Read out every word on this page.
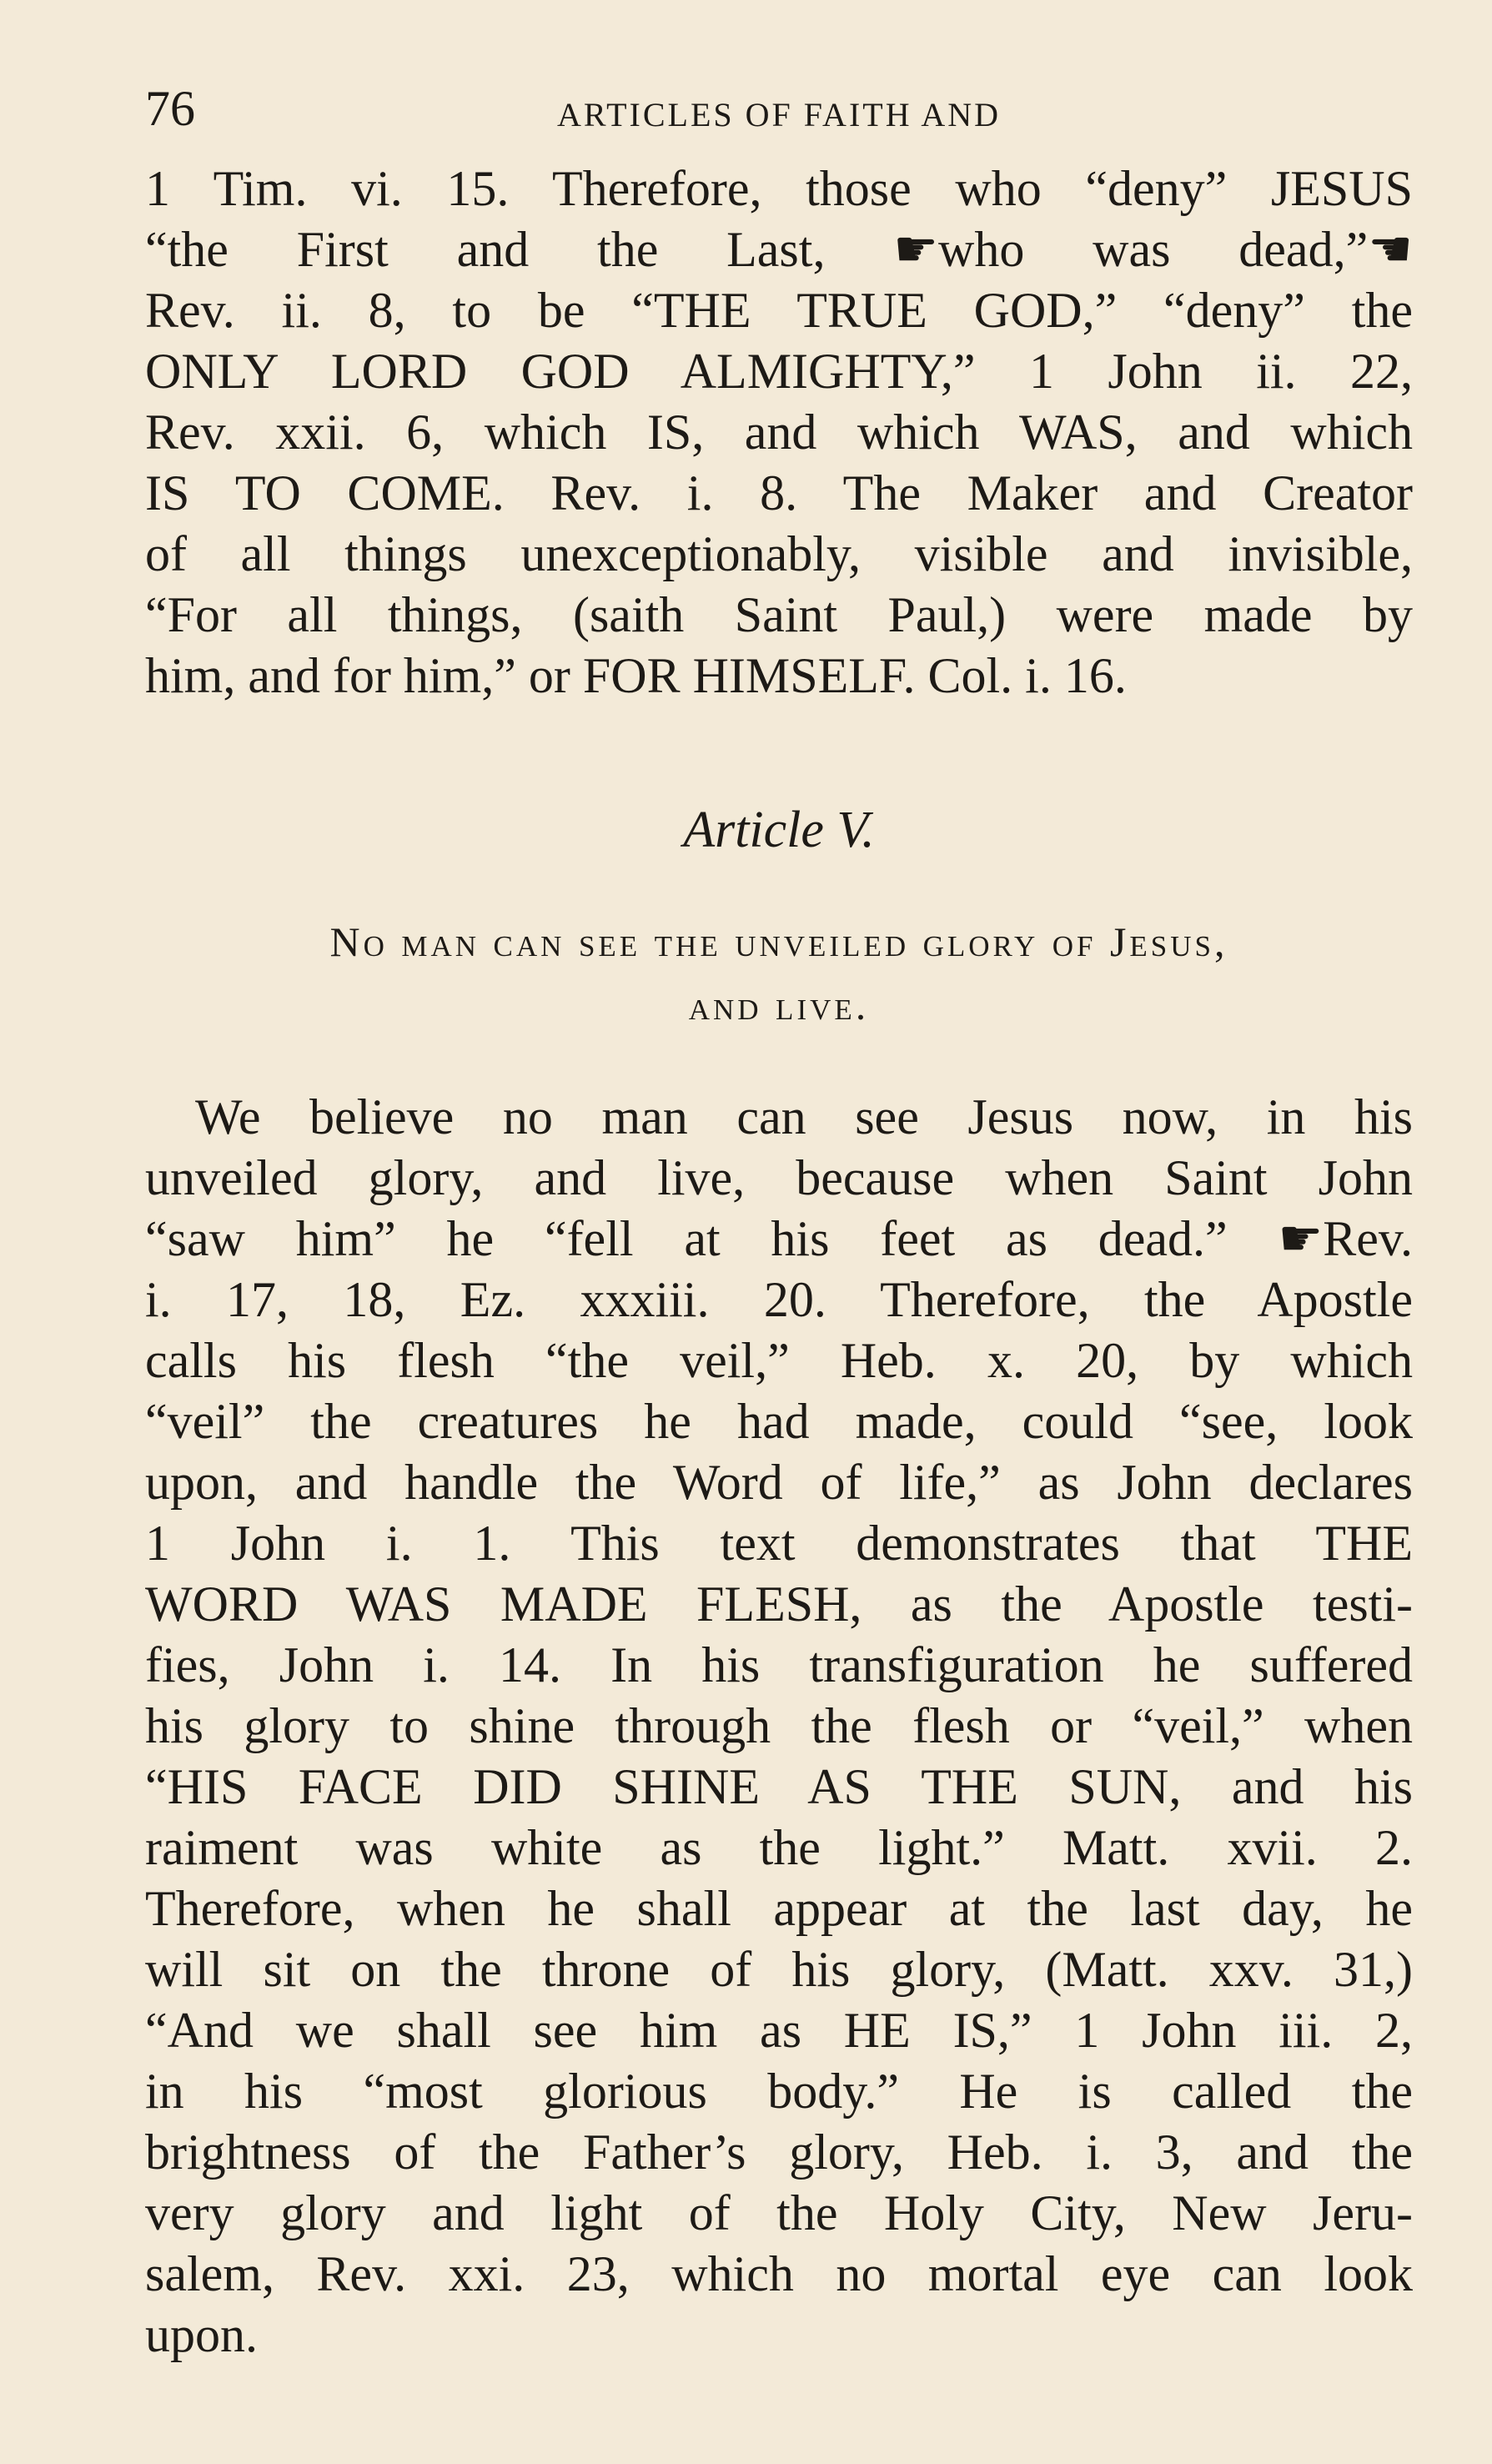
76	ARTICLES OF FAITH AND

1 Tim. vi. 15. Therefore, those who “deny” JESUS
“the First and the Last, ☛who was dead,”☚
Rev. ii. 8, to be “THE TRUE GOD,” “deny” the
ONLY LORD GOD ALMIGHTY,” 1 John ii. 22,
Rev. xxii. 6, which IS, and which WAS, and which
IS TO COME. Rev. i. 8. The Maker and Creator
of all things unexceptionably, visible and invisible,
“For all things, (saith Saint Paul,) were made by
him, and for him,” or FOR HIMSELF. Col. i. 16.

Article V.
No man can see the unveiled glory of Jesus,
and live.

We believe no man can see Jesus now, in his
unveiled glory, and live, because when Saint John
“saw him” he “fell at his feet as dead.” ☛Rev.
i. 17, 18, Ez. xxxiii. 20. Therefore, the Apostle
calls his flesh “the veil,” Heb. x. 20, by which
“veil” the creatures he had made, could “see, look
upon, and handle the Word of life,” as John declares
1 John i. 1. This text demonstrates that THE
WORD WAS MADE FLESH, as the Apostle testi-
fies, John i. 14. In his transfiguration he suffered
his glory to shine through the flesh or “veil,” when
“HIS FACE DID SHINE AS THE SUN, and his
raiment was white as the light.” Matt. xvii. 2.
Therefore, when he shall appear at the last day, he
will sit on the throne of his glory, (Matt. xxv. 31,)
“And we shall see him as HE IS,” 1 John iii. 2,
in his “most glorious body.” He is called the
brightness of the Father’s glory, Heb. i. 3, and the
very glory and light of the Holy City, New Jeru-
salem, Rev. xxi. 23, which no mortal eye can look
upon.
